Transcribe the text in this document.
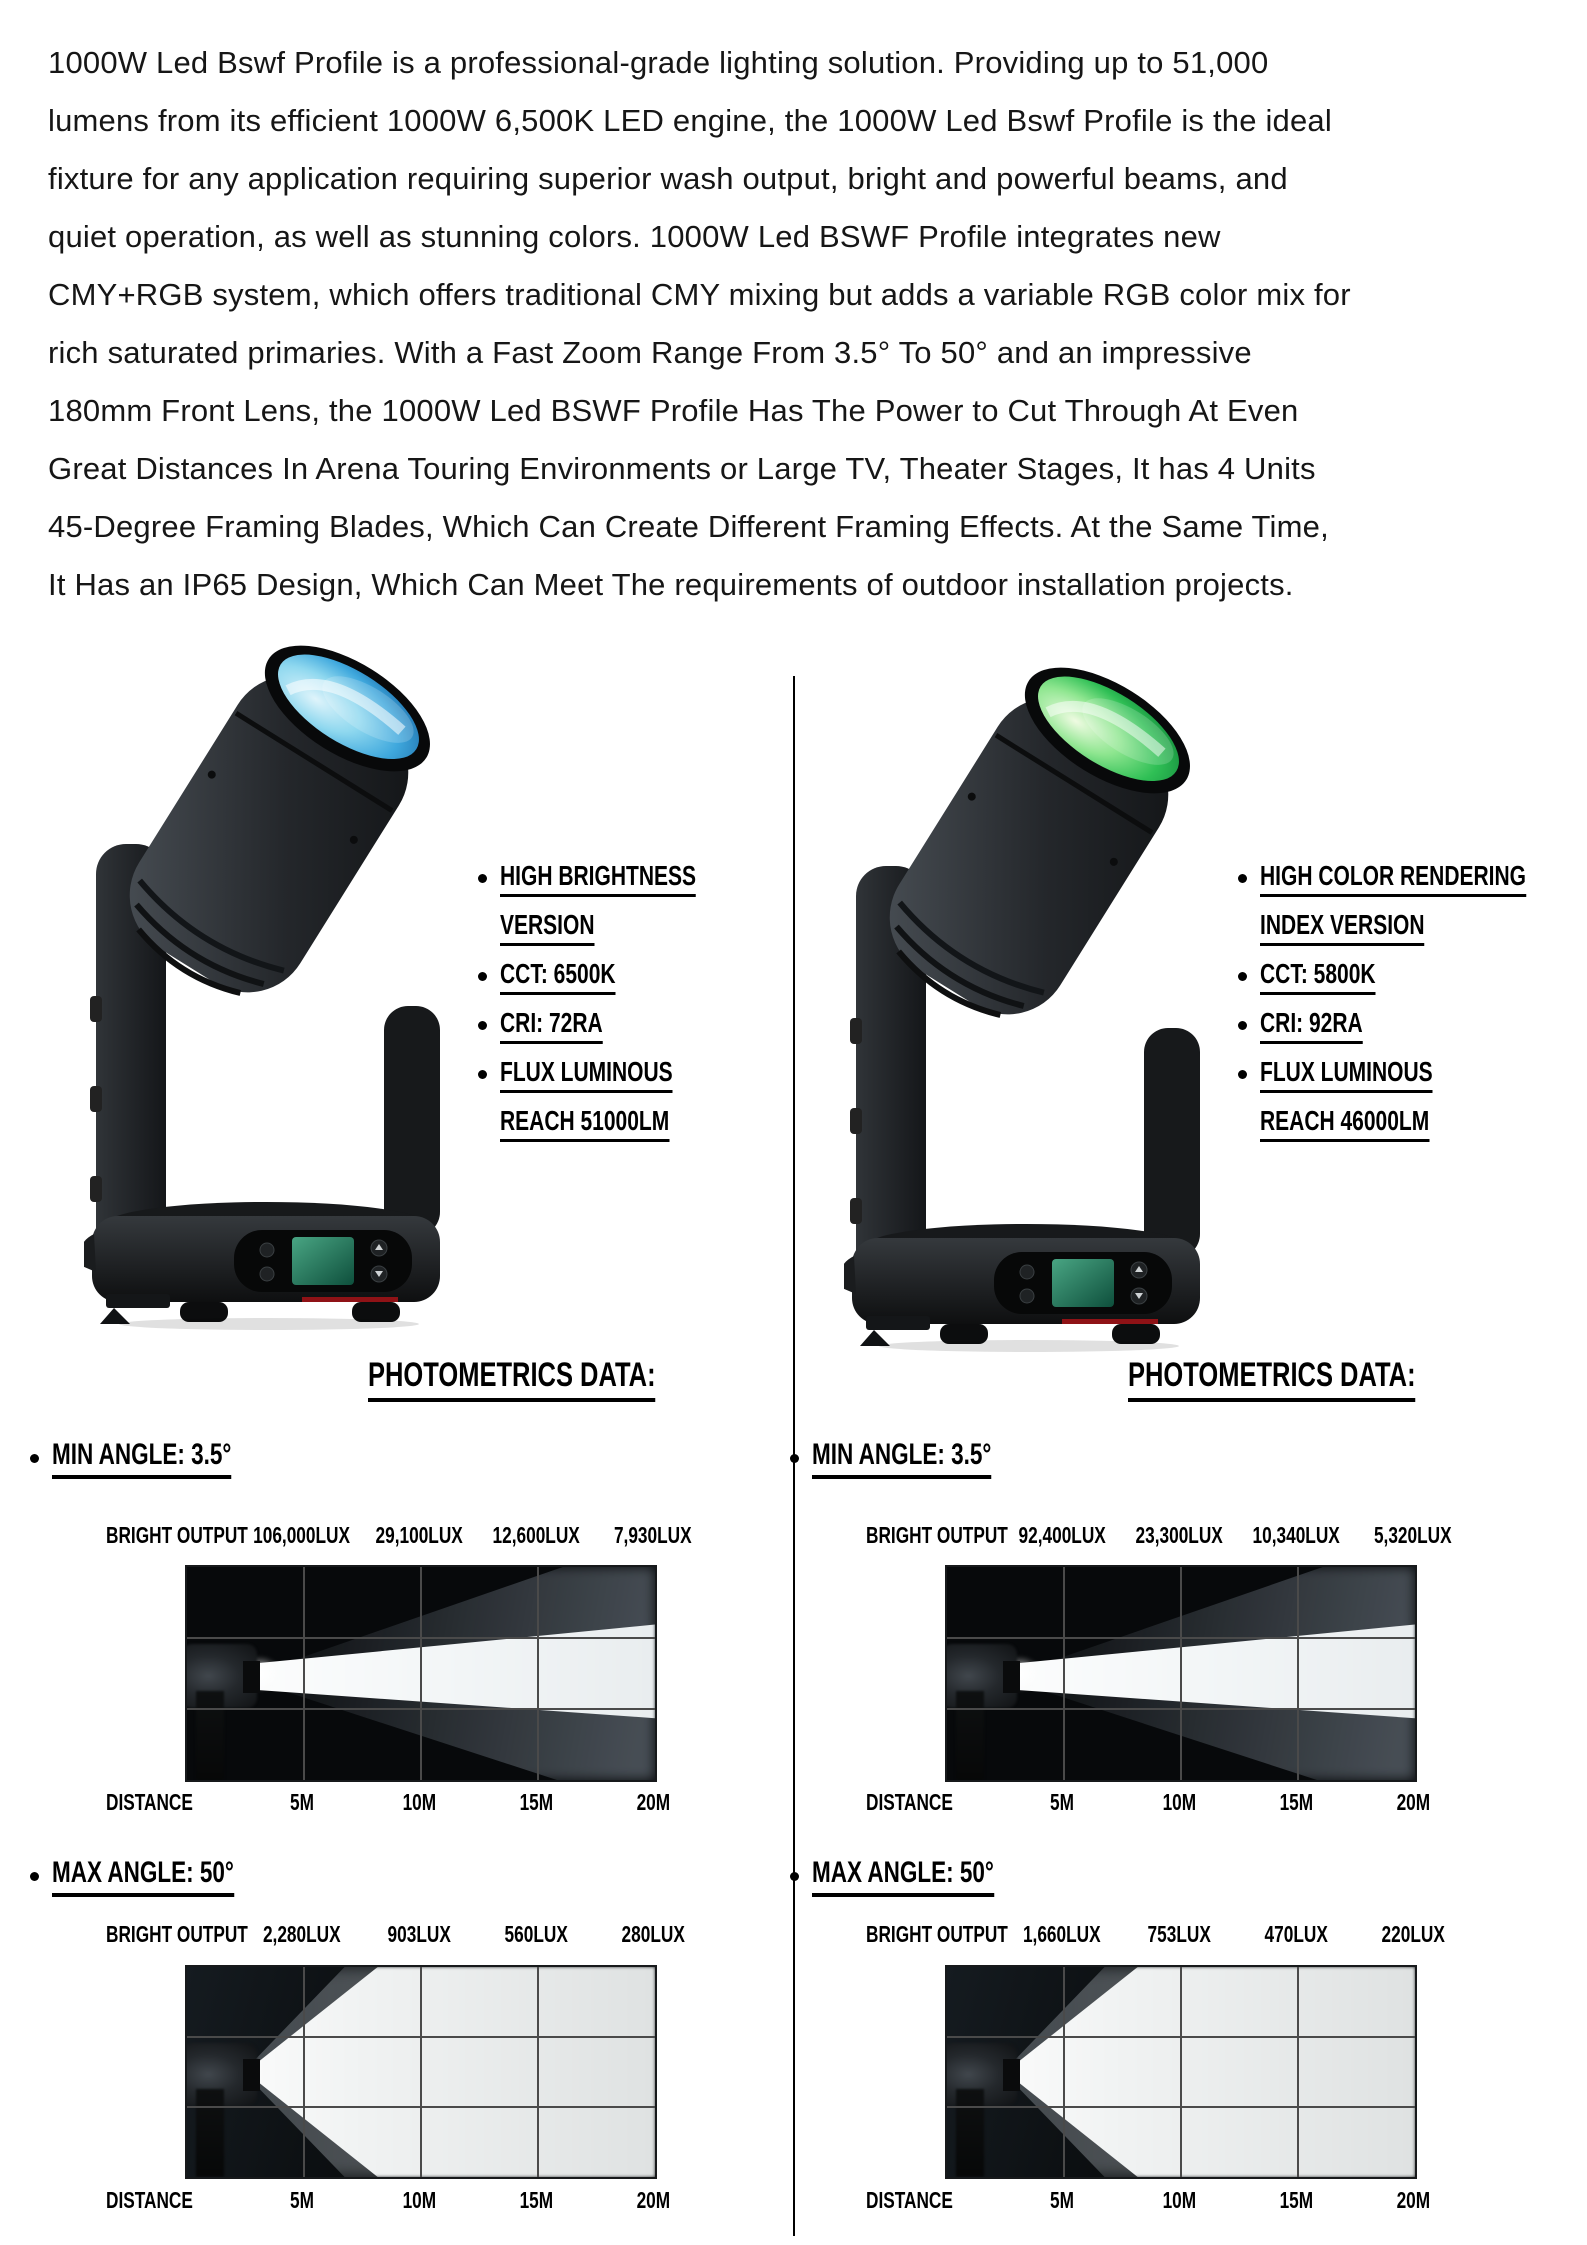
1000W Led Bswf Profile is a professional-grade lighting solution. Providing up to 51,000
lumens from its efficient 1000W 6,500K LED engine, the 1000W Led Bswf Profile is the ideal
fixture for any application requiring superior wash output, bright and powerful beams, and
quiet operation, as well as stunning colors. 1000W Led BSWF Profile integrates new
CMY+RGB system, which offers traditional CMY mixing but adds a variable RGB color mix for
rich saturated primaries. With a Fast Zoom Range From 3.5° To 50° and an impressive
180mm Front Lens, the 1000W Led BSWF Profile Has The Power to Cut Through At Even
Great Distances In Arena Touring Environments or Large TV, Theater Stages, It has 4 Units
45-Degree Framing Blades, Which Can Create Different Framing Effects. At the Same Time,
It Has an IP65 Design, Which Can Meet The requirements of outdoor installation projects.
HIGH BRIGHTNESS
VERSION
CCT: 6500K
CRI: 72RA
FLUX LUMINOUS
REACH 51000LM
HIGH COLOR RENDERING
INDEX VERSION
CCT: 5800K
CRI: 92RA
FLUX LUMINOUS
REACH 46000LM
PHOTOMETRICS DATA:
MIN ANGLE: 3.5°
BRIGHT OUTPUT 106,000LUX	29,100LUX	12,600LUX	7,930LUX
DISTANCE	5M	10M	15M	20M
MAX ANGLE: 50°
BRIGHT OUTPUT 2,280LUX	903LUX	560LUX	280LUX
DISTANCE	5M	10M	15M	20M
PHOTOMETRICS DATA:
MIN ANGLE: 3.5°
BRIGHT OUTPUT 92,400LUX	23,300LUX	10,340LUX	5,320LUX
DISTANCE	5M	10M	15M	20M
MAX ANGLE: 50°
BRIGHT OUTPUT 1,660LUX	753LUX	470LUX	220LUX
DISTANCE	5M	10M	15M	20M
